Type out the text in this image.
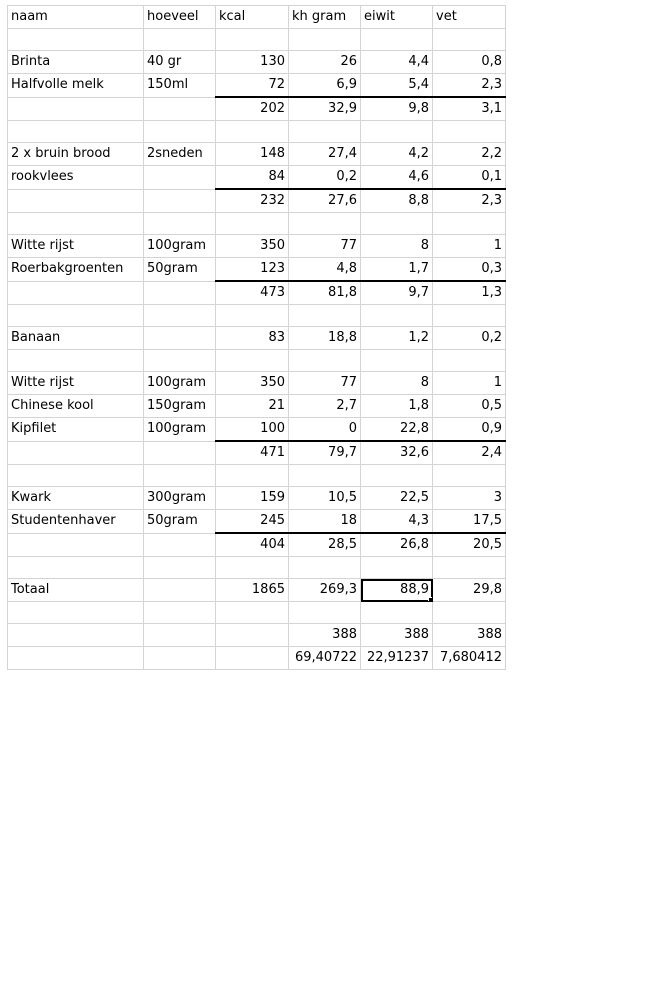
naam	hoeveel	kcal	kh gram	eiwit	vet

Brinta	40 gr	130	26	4,4	0,8
Halfvolle melk	150ml	72	6,9	5,4	2,3
		202	32,9	9,8	3,1

2 x bruin brood	2sneden	148	27,4	4,2	2,2
rookvlees		84	0,2	4,6	0,1
		232	27,6	8,8	2,3

Witte rijst	100gram	350	77	8	1
Roerbakgroenten	50gram	123	4,8	1,7	0,3
		473	81,8	9,7	1,3

Banaan		83	18,8	1,2	0,2

Witte rijst	100gram	350	77	8	1
Chinese kool	150gram	21	2,7	1,8	0,5
Kipfilet	100gram	100	0	22,8	0,9
		471	79,7	32,6	2,4

Kwark	300gram	159	10,5	22,5	3
Studentenhaver	50gram	245	18	4,3	17,5
		404	28,5	26,8	20,5

Totaal		1865	269,3	88,9	29,8

			388	388	388
			69,40722	22,91237	7,680412
